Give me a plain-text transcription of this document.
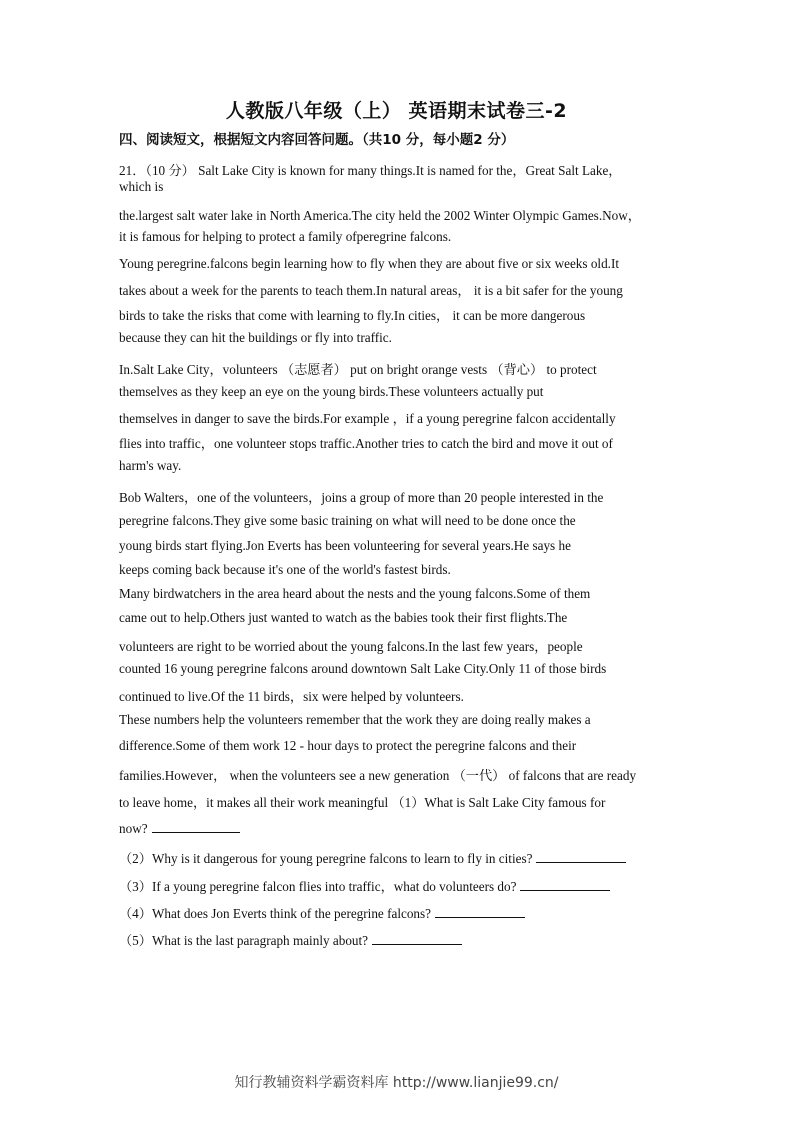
人教版八年级（上） 英语期末试卷三-2
四、阅读短文，根据短文内容回答问题。（共10 分，每小题2 分）
21．（10 分） Salt Lake City is known for many things.It is named for the，Great Salt Lake，
which is
the.largest salt water lake in North America.The city held the 2002 Winter Olympic Games.Now，
it is famous for helping to protect a family ofperegrine falcons.
Young peregrine.falcons begin learning how to fly when they are about five or six weeks old.It
takes about a week for the parents to teach them.In natural areas， it is a bit safer for the young
birds to take the risks that come with learning to fly.In cities， it can be more dangerous
because they can hit the buildings or fly into traffic.
In.Salt Lake City，volunteers （志愿者） put on bright orange vests （背心） to protect
themselves as they keep an eye on the young birds.These volunteers actually put
themselves in danger to save the birds.For example ，if a young peregrine falcon accidentally
flies into traffic，one volunteer stops traffic.Another tries to catch the bird and move it out of
harm's way.
Bob Walters，one of the volunteers，joins a group of more than 20 people interested in the
peregrine falcons.They give some basic training on what will need to be done once the
young birds start flying.Jon Everts has been volunteering for several years.He says he
keeps coming back because it's one of the world's fastest birds.
Many birdwatchers in the area heard about the nests and the young falcons.Some of them
came out to help.Others just wanted to watch as the babies took their first flights.The
volunteers are right to be worried about the young falcons.In the last few years，people
counted 16 young peregrine falcons around downtown Salt Lake City.Only 11 of those birds
continued to live.Of the 11 birds，six were helped by volunteers.
These numbers help the volunteers remember that the work they are doing really makes a
difference.Some of them work 12 - hour days to protect the peregrine falcons and their
families.However， when the volunteers see a new generation （一代） of falcons that are ready
to leave home，it makes all their work meaningful （1）What is Salt Lake City famous for
now?
（2）Why is it dangerous for young peregrine falcons to learn to fly in cities?
（3）If a young peregrine falcon flies into traffic，what do volunteers do?
（4）What does Jon Everts think of the peregrine falcons?
（5）What is the last paragraph mainly about?
知行教辅资料学霸资料库 http://www.lianjie99.cn/
